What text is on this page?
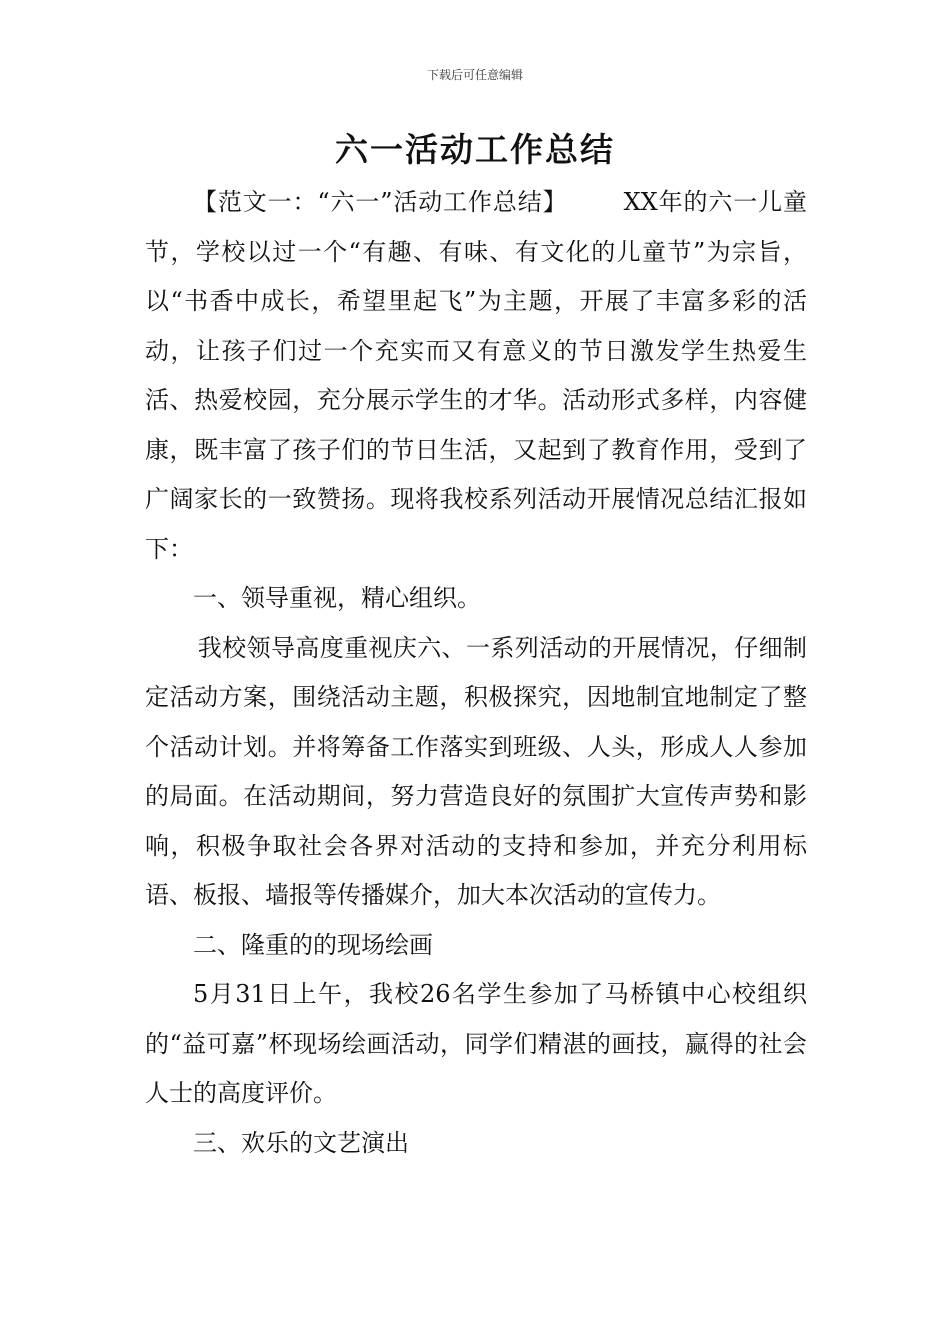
下载后可任意编辑
六一活动工作总结

【范文一：“六一”活动工作总结】 XX年的六一儿童节，学校以过一个“有趣、有味、有文化的儿童节”为宗旨，以“书香中成长，希望里起飞”为主题，开展了丰富多彩的活动，让孩子们过一个充实而又有意义的节日激发学生热爱生活、热爱校园，充分展示学生的才华。活动形式多样，内容健康，既丰富了孩子们的节日生活，又起到了教育作用，受到了广阔家长的一致赞扬。现将我校系列活动开展情况总结汇报如下：

一、领导重视，精心组织。

我校领导高度重视庆六、一系列活动的开展情况，仔细制定活动方案，围绕活动主题，积极探究，因地制宜地制定了整个活动计划。并将筹备工作落实到班级、人头，形成人人参加的局面。在活动期间，努力营造良好的氛围扩大宣传声势和影响，积极争取社会各界对活动的支持和参加，并充分利用标语、板报、墙报等传播媒介，加大本次活动的宣传力。

二、隆重的的现场绘画

5月31日上午，我校26名学生参加了马桥镇中心校组织的“益可嘉”杯现场绘画活动，同学们精湛的画技，赢得的社会人士的高度评价。

三、欢乐的文艺演出
